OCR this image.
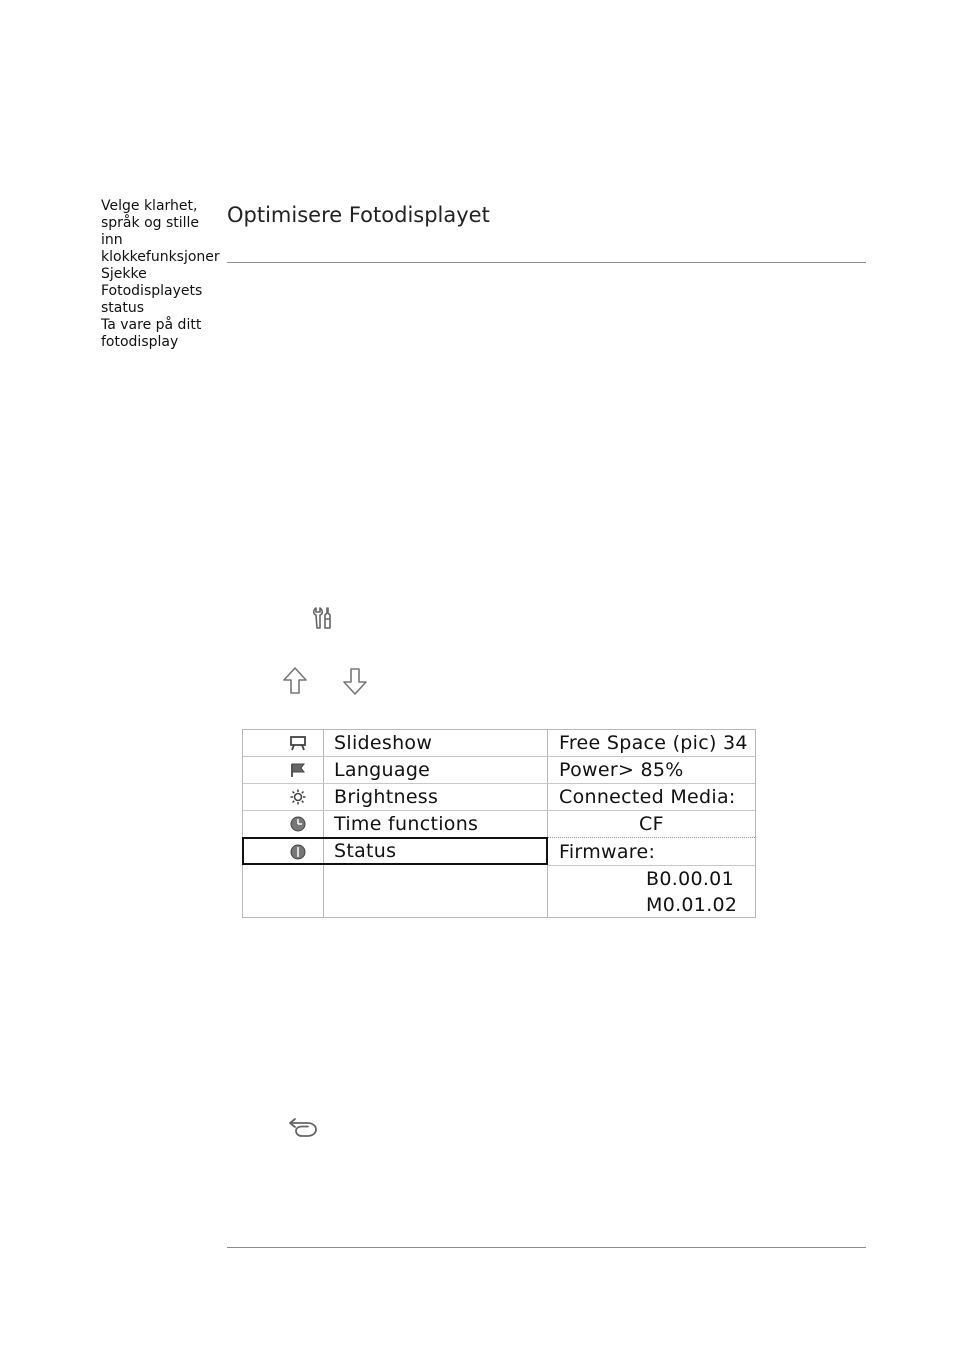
Velge klarhet, språk og stille inn klokkefunksjoner
Sjekke Fotodisplayets status
Ta vare på ditt fotodisplay
Optimisere Fotodisplayet
Slideshow
Language
Brightness
Time functions
Status
Free Space (pic) 34
Power> 85%
Connected Media:
CF
Firmware:
B0.00.01
M0.01.02
